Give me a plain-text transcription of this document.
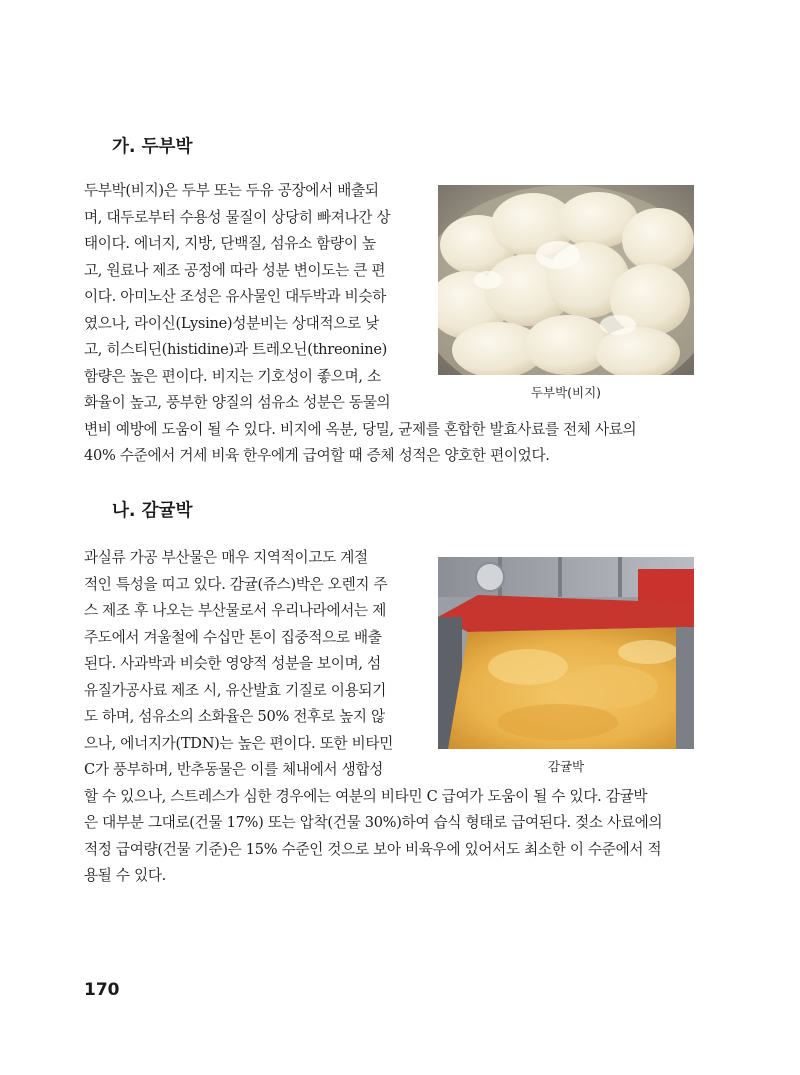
가. 두부박
두부박(비지)은 두부 또는 두유 공장에서 배출되
며, 대두로부터 수용성 물질이 상당히 빠져나간 상
태이다. 에너지, 지방, 단백질, 섬유소 함량이 높
고, 원료나 제조 공정에 따라 성분 변이도는 큰 편
이다. 아미노산 조성은 유사물인 대두박과 비슷하
였으나, 라이신(Lysine)성분비는 상대적으로 낮
고, 히스티딘(histidine)과 트레오닌(threonine)
함량은 높은 편이다. 비지는 기호성이 좋으며, 소
화율이 높고, 풍부한 양질의 섬유소 성분은 동물의
변비 예방에 도움이 될 수 있다. 비지에 옥분, 당밀, 균제를 혼합한 발효사료를 전체 사료의
40% 수준에서 거세 비육 한우에게 급여할 때 증체 성적은 양호한 편이었다.
두부박(비지)
나. 감귤박
과실류 가공 부산물은 매우 지역적이고도 계절
적인 특성을 띠고 있다. 감귤(쥬스)박은 오렌지 주
스 제조 후 나오는 부산물로서 우리나라에서는 제
주도에서 겨울철에 수십만 톤이 집중적으로 배출
된다. 사과박과 비슷한 영양적 성분을 보이며, 섬
유질가공사료 제조 시, 유산발효 기질로 이용되기
도 하며, 섬유소의 소화율은 50% 전후로 높지 않
으나, 에너지가(TDN)는 높은 편이다. 또한 비타민
C가 풍부하며, 반추동물은 이를 체내에서 생합성
할 수 있으나, 스트레스가 심한 경우에는 여분의 비타민 C 급여가 도움이 될 수 있다. 감귤박
은 대부분 그대로(건물 17%) 또는 압착(건물 30%)하여 습식 형태로 급여된다. 젖소 사료에의
적정 급여량(건물 기준)은 15% 수준인 것으로 보아 비육우에 있어서도 최소한 이 수준에서 적
용될 수 있다.
감귤박
170
